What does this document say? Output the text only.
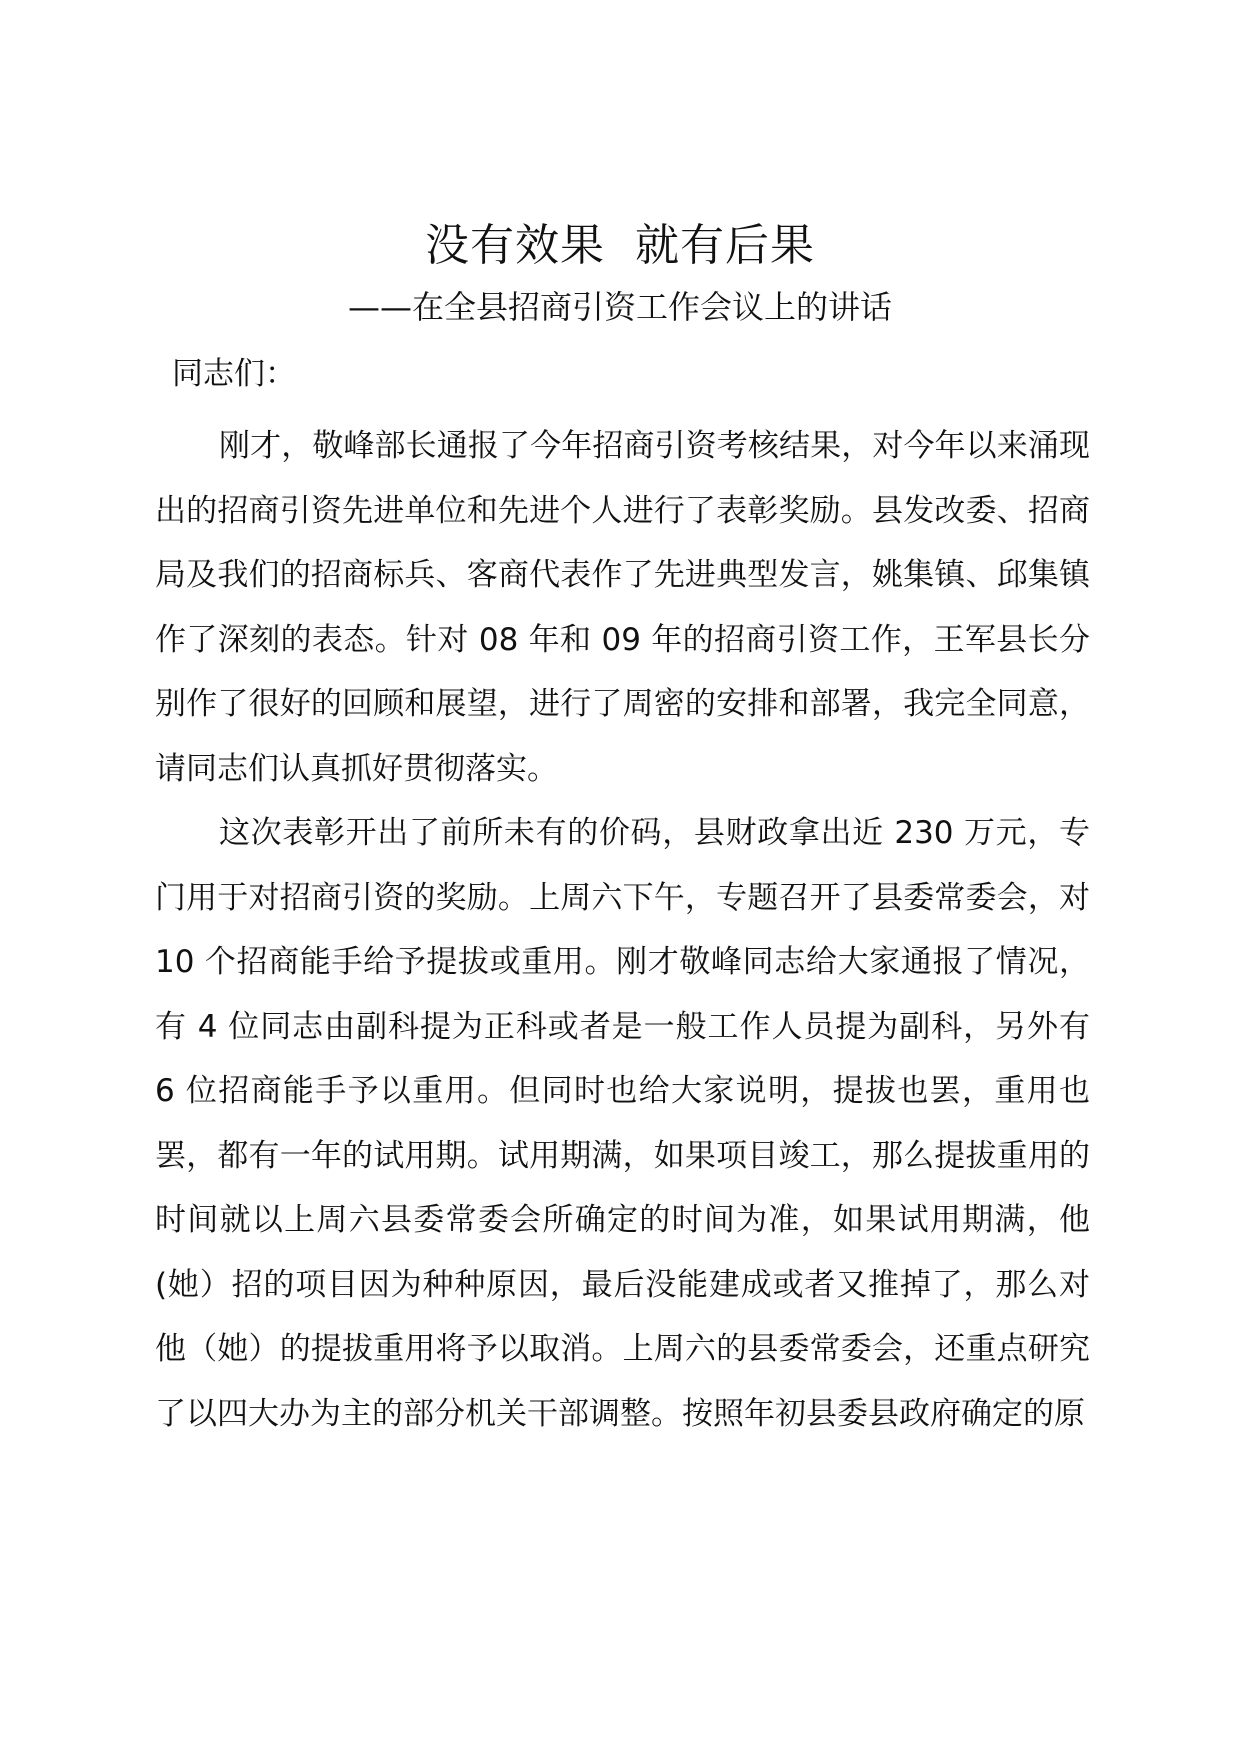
没有效果  就有后果
——在全县招商引资工作会议上的讲话
同志们：

刚才，敬峰部长通报了今年招商引资考核结果，对今年以来涌现出的招商引资先进单位和先进个人进行了表彰奖励。县发改委、招商局及我们的招商标兵、客商代表作了先进典型发言，姚集镇、邱集镇作了深刻的表态。针对 08 年和 09 年的招商引资工作，王军县长分别作了很好的回顾和展望，进行了周密的安排和部署，我完全同意，请同志们认真抓好贯彻落实。

这次表彰开出了前所未有的价码，县财政拿出近 230 万元，专门用于对招商引资的奖励。上周六下午，专题召开了县委常委会，对 10 个招商能手给予提拔或重用。刚才敬峰同志给大家通报了情况，有 4 位同志由副科提为正科或者是一般工作人员提为副科，另外有 6 位招商能手予以重用。但同时也给大家说明，提拔也罢，重用也罢，都有一年的试用期。试用期满，如果项目竣工，那么提拔重用的时间就以上周六县委常委会所确定的时间为准，如果试用期满，他(她）招的项目因为种种原因，最后没能建成或者又推掉了，那么对他（她）的提拔重用将予以取消。上周六的县委常委会，还重点研究了以四大办为主的部分机关干部调整。按照年初县委县政府确定的原
